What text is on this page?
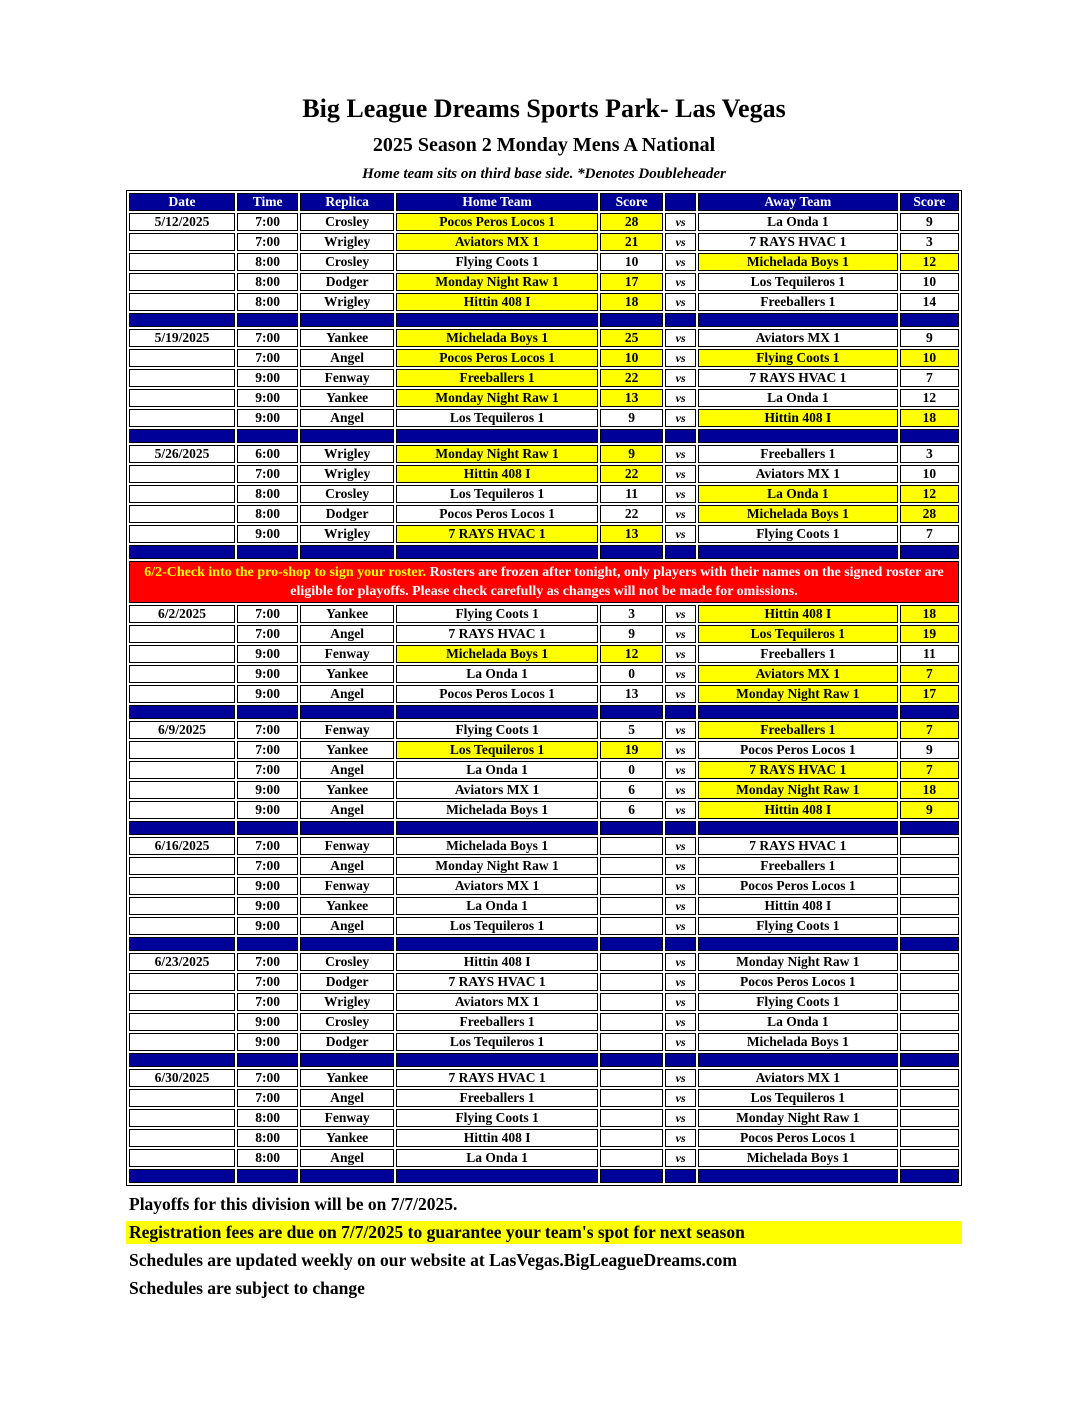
Big League Dreams Sports Park- Las Vegas
2025 Season 2 Monday Mens A National
Home team sits on third base side. *Denotes Doubleheader
Date	Time	Replica	Home Team	Score		Away Team	Score
5/12/2025	7:00	Crosley	Pocos Peros Locos 1	28	vs	La Onda 1	9
	7:00	Wrigley	Aviators MX 1	21	vs	7 RAYS HVAC 1	3
	8:00	Crosley	Flying Coots 1	10	vs	Michelada Boys 1	12
	8:00	Dodger	Monday Night Raw 1	17	vs	Los Tequileros 1	10
	8:00	Wrigley	Hittin 408 I	18	vs	Freeballers 1	14

5/19/2025	7:00	Yankee	Michelada Boys 1	25	vs	Aviators MX 1	9
	7:00	Angel	Pocos Peros Locos 1	10	vs	Flying Coots 1	10
	9:00	Fenway	Freeballers 1	22	vs	7 RAYS HVAC 1	7
	9:00	Yankee	Monday Night Raw 1	13	vs	La Onda 1	12
	9:00	Angel	Los Tequileros 1	9	vs	Hittin 408 I	18

5/26/2025	6:00	Wrigley	Monday Night Raw 1	9	vs	Freeballers 1	3
	7:00	Wrigley	Hittin 408 I	22	vs	Aviators MX 1	10
	8:00	Crosley	Los Tequileros 1	11	vs	La Onda 1	12
	8:00	Dodger	Pocos Peros Locos 1	22	vs	Michelada Boys 1	28
	9:00	Wrigley	7 RAYS HVAC 1	13	vs	Flying Coots 1	7

6/2-Check into the pro-shop to sign your roster. Rosters are frozen after tonight, only players with their names on the signed roster are eligible for playoffs. Please check carefully as changes will not be made for omissions.							
6/2/2025	7:00	Yankee	Flying Coots 1	3	vs	Hittin 408 I	18
	7:00	Angel	7 RAYS HVAC 1	9	vs	Los Tequileros 1	19
	9:00	Fenway	Michelada Boys 1	12	vs	Freeballers 1	11
	9:00	Yankee	La Onda 1	0	vs	Aviators MX 1	7
	9:00	Angel	Pocos Peros Locos 1	13	vs	Monday Night Raw 1	17

6/9/2025	7:00	Fenway	Flying Coots 1	5	vs	Freeballers 1	7
	7:00	Yankee	Los Tequileros 1	19	vs	Pocos Peros Locos 1	9
	7:00	Angel	La Onda 1	0	vs	7 RAYS HVAC 1	7
	9:00	Yankee	Aviators MX 1	6	vs	Monday Night Raw 1	18
	9:00	Angel	Michelada Boys 1	6	vs	Hittin 408 I	9

6/16/2025	7:00	Fenway	Michelada Boys 1		vs	7 RAYS HVAC 1	
	7:00	Angel	Monday Night Raw 1		vs	Freeballers 1	
	9:00	Fenway	Aviators MX 1		vs	Pocos Peros Locos 1	
	9:00	Yankee	La Onda 1		vs	Hittin 408 I	
	9:00	Angel	Los Tequileros 1		vs	Flying Coots 1	

6/23/2025	7:00	Crosley	Hittin 408 I		vs	Monday Night Raw 1	
	7:00	Dodger	7 RAYS HVAC 1		vs	Pocos Peros Locos 1	
	7:00	Wrigley	Aviators MX 1		vs	Flying Coots 1	
	9:00	Crosley	Freeballers 1		vs	La Onda 1	
	9:00	Dodger	Los Tequileros 1		vs	Michelada Boys 1	

6/30/2025	7:00	Yankee	7 RAYS HVAC 1		vs	Aviators MX 1	
	7:00	Angel	Freeballers 1		vs	Los Tequileros 1	
	8:00	Fenway	Flying Coots 1		vs	Monday Night Raw 1	
	8:00	Yankee	Hittin 408 I		vs	Pocos Peros Locos 1	
	8:00	Angel	La Onda 1		vs	Michelada Boys 1	

Playoffs for this division will be on 7/7/2025.
Registration fees are due on 7/7/2025 to guarantee your team's spot for next season
Schedules are updated weekly on our website at LasVegas.BigLeagueDreams.com
Schedules are subject to change
